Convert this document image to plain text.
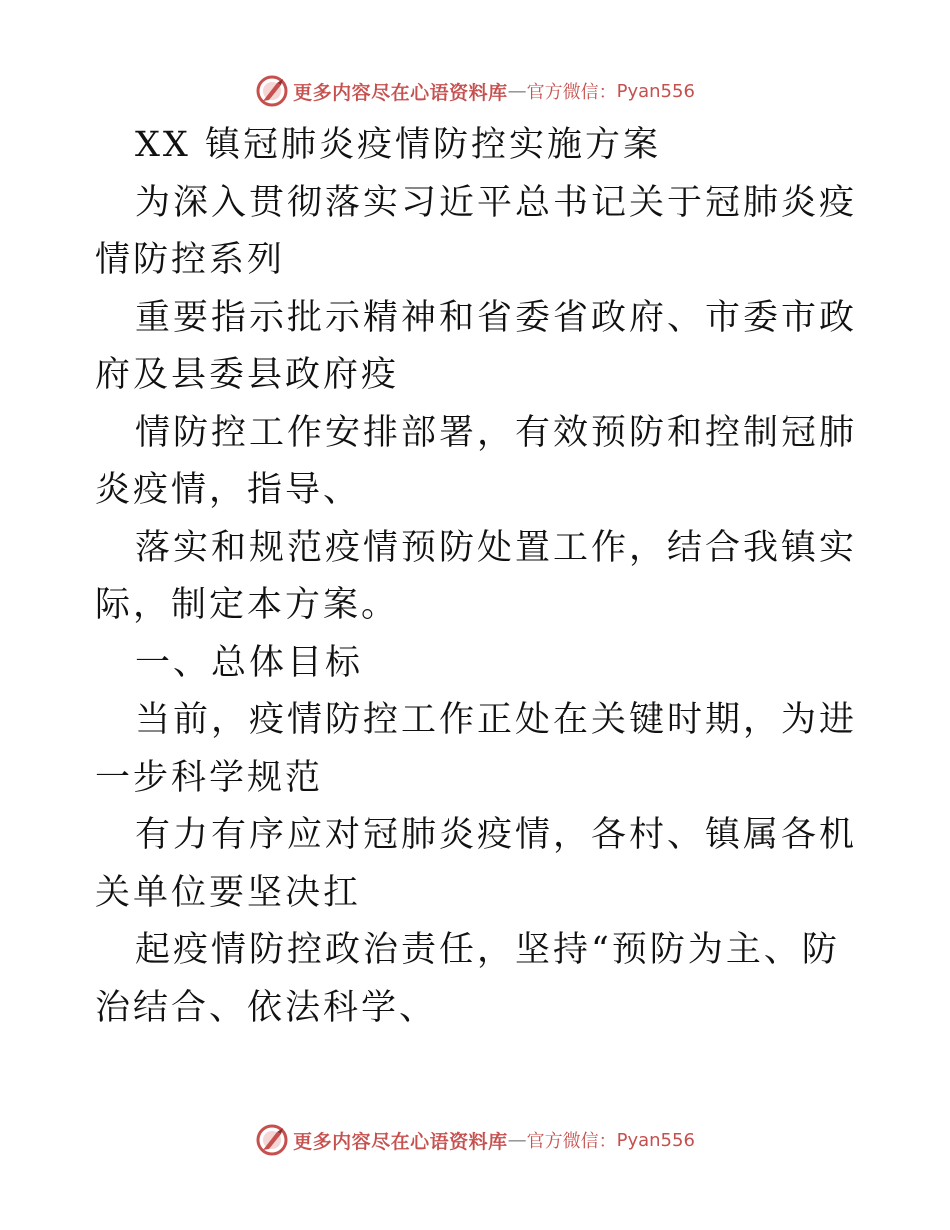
更多内容尽在心语资料库 — 官方微信： Pyan556

XX 镇冠肺炎疫情防控实施方案

为深入贯彻落实习近平总书记关于冠肺炎疫情防控系列

重要指示批示精神和省委省政府、市委市政府及县委县政府疫

情防控工作安排部署，有效预防和控制冠肺炎疫情，指导、

落实和规范疫情预防处置工作，结合我镇实际，制定本方案。

一、总体目标

当前，疫情防控工作正处在关键时期，为进一步科学规范

有力有序应对冠肺炎疫情，各村、镇属各机关单位要坚决扛

起疫情防控政治责任，坚持“预防为主、防治结合、依法科学、

更多内容尽在心语资料库 — 官方微信： Pyan556
